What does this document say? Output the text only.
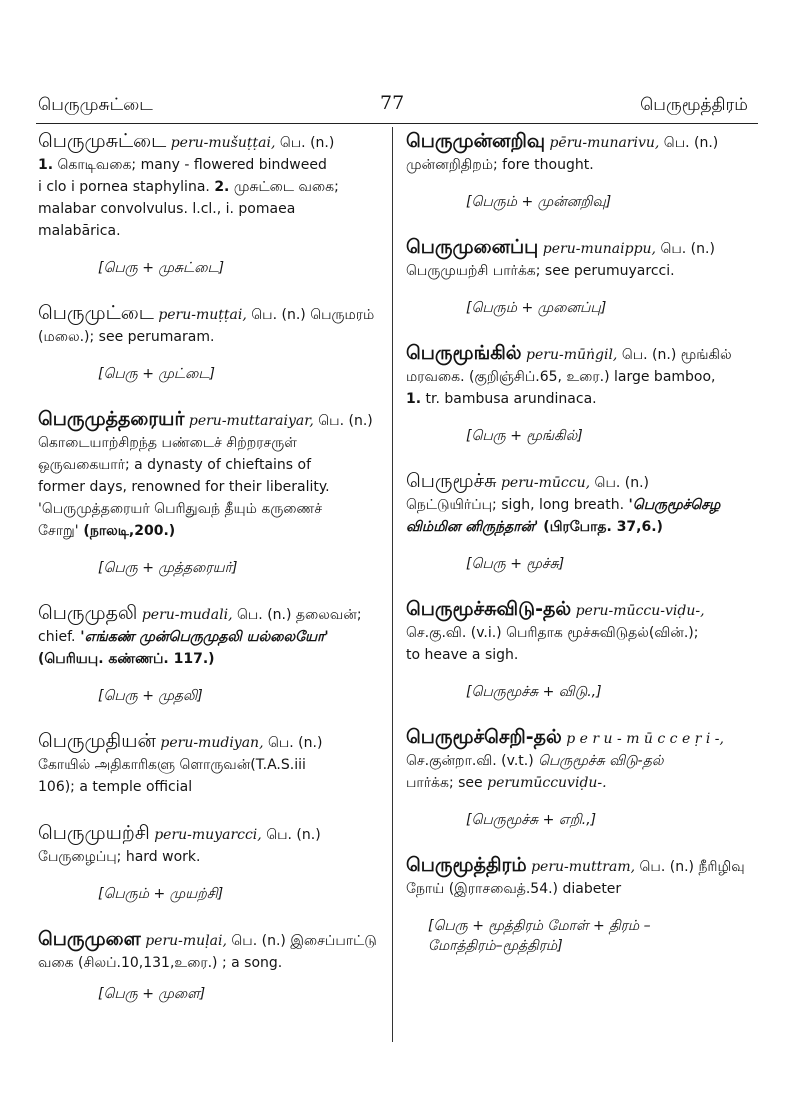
பெருமுசுட்டை	77	பெருமூத்திரம்
பெருமுசுட்டை peru-mušuṭṭai, பெ. (n.)
1. கொடிவகை; many - flowered bindweed
i clo i pornea staphylina. 2. முசுட்டை வகை;
malabar convolvulus. l.cl., i. pomaea
malabārica.
[பெரு + முசுட்டை]
பெருமுட்டை peru-muṭṭai, பெ. (n.) பெருமரம்
(மலை.); see perumaram.
[பெரு + முட்டை]
பெருமுத்தரையர் peru-muttaraiyar, பெ. (n.)
கொடையாற்சிறந்த பண்டைச் சிற்றரசருள்
ஒருவகையார்; a dynasty of chieftains of
former days, renowned for their liberality.
'பெருமுத்தரையர் பெரிதுவந் தீயும் கருணைச்
சோறு' (நாலடி,200.)
[பெரு + முத்தரையர்]
பெருமுதலி peru-mudali, பெ. (n.) தலைவன்;
chief. 'எங்கண் முன்பெருமுதலி யல்லையோ'
(பெரியபு. கண்ணப். 117.)
[பெரு + முதலி]
பெருமுதியன் peru-mudiyan, பெ. (n.)
கோயில் அதிகாரிகளு ளொருவன்(T.A.S.iii
106); a temple official
பெருமுயற்சி peru-muyarcci, பெ. (n.)
பேருழைப்பு; hard work.
[பெரும் + முயற்சி]
பெருமுளை peru-muḷai, பெ. (n.) இசைப்பாட்டு
வகை (சிலப்.10,131,உரை.) ; a song.
[பெரு + முளை]
பெருமுன்னறிவு pēru-munarivu, பெ. (n.)
முன்னறிதிறம்; fore thought.
[பெரும் + முன்னறிவு]
பெருமுனைப்பு peru-munaippu, பெ. (n.)
பெருமுயற்சி பார்க்க; see perumuyarcci.
[பெரும் + முனைப்பு]
பெருமூங்கில் peru-mūṅgil, பெ. (n.) மூங்கில்
மரவகை. (குறிஞ்சிப்.65, உரை.) large bamboo,
1. tr. bambusa arundinaca.
[பெரு + மூங்கில்]
பெருமூச்சு peru-mūccu, பெ. (n.)
நெட்டுயிர்ப்பு; sigh, long breath. 'பெருமூச்செழ
விம்மின னிருந்தான்' (பிரபோத. 37,6.)
[பெரு + மூச்சு]
பெருமூச்சுவிடு-தல் peru-mūccu-viḍu-,
செ.கு.வி. (v.i.) பெரிதாக மூச்சுவிடுதல்(வின்.);
to heave a sigh.
[பெருமூச்சு + விடு.,]
பெருமூச்செறி-தல் p e r u - m ū c c e ṛ i -,
செ.குன்றா.வி. (v.t.) பெருமூச்சு விடு-தல்
பார்க்க; see perumūccuviḍu-.
[பெருமூச்சு + எறி.,]
பெருமூத்திரம் peru-muttram, பெ. (n.) நீரிழிவு
நோய் (இராசவைத்.54.) diabeter
[பெரு + மூத்திரம் மோள் + திரம் –
மோத்திரம்–மூத்திரம்]
